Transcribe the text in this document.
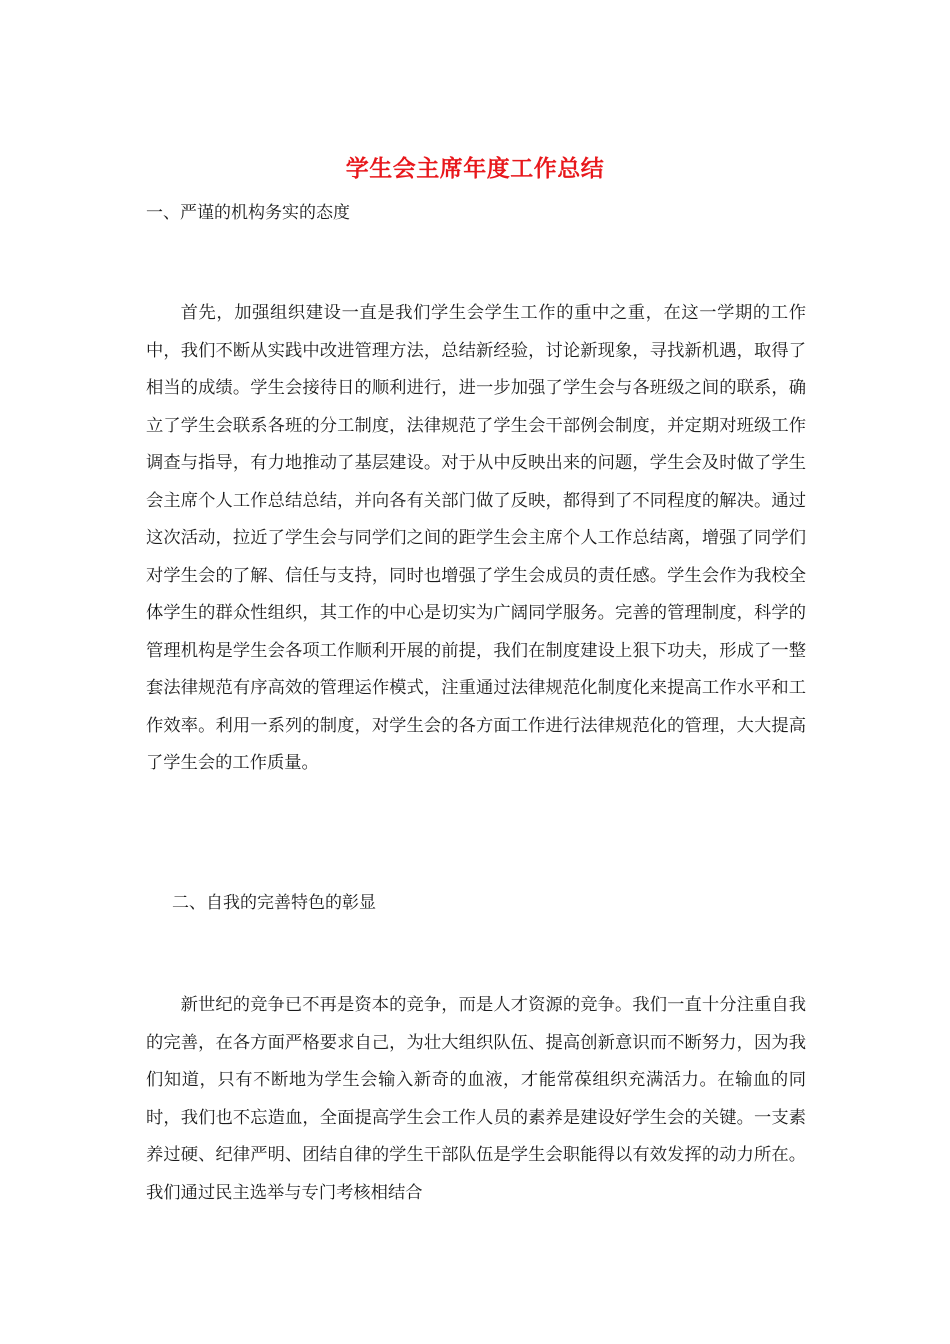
学生会主席年度工作总结
一、严谨的机构务实的态度
首先，加强组织建设一直是我们学生会学生工作的重中之重，在这一学期的工作中，我们不断从实践中改进管理方法，总结新经验，讨论新现象，寻找新机遇，取得了相当的成绩。学生会接待日的顺利进行，进一步加强了学生会与各班级之间的联系，确立了学生会联系各班的分工制度，法律规范了学生会干部例会制度，并定期对班级工作调查与指导，有力地推动了基层建设。对于从中反映出来的问题，学生会及时做了学生会主席个人工作总结总结，并向各有关部门做了反映，都得到了不同程度的解决。通过这次活动，拉近了学生会与同学们之间的距学生会主席个人工作总结离，增强了同学们对学生会的了解、信任与支持，同时也增强了学生会成员的责任感。学生会作为我校全体学生的群众性组织，其工作的中心是切实为广阔同学服务。完善的管理制度，科学的管理机构是学生会各项工作顺利开展的前提，我们在制度建设上狠下功夫，形成了一整套法律规范有序高效的管理运作模式，注重通过法律规范化制度化来提高工作水平和工作效率。利用一系列的制度，对学生会的各方面工作进行法律规范化的管理，大大提高了学生会的工作质量。
二、自我的完善特色的彰显
新世纪的竞争已不再是资本的竞争，而是人才资源的竞争。我们一直十分注重自我的完善，在各方面严格要求自己，为壮大组织队伍、提高创新意识而不断努力，因为我们知道，只有不断地为学生会输入新奇的血液，才能常葆组织充满活力。在输血的同时，我们也不忘造血，全面提高学生会工作人员的素养是建设好学生会的关键。一支素养过硬、纪律严明、团结自律的学生干部队伍是学生会职能得以有效发挥的动力所在。我们通过民主选举与专门考核相结合
